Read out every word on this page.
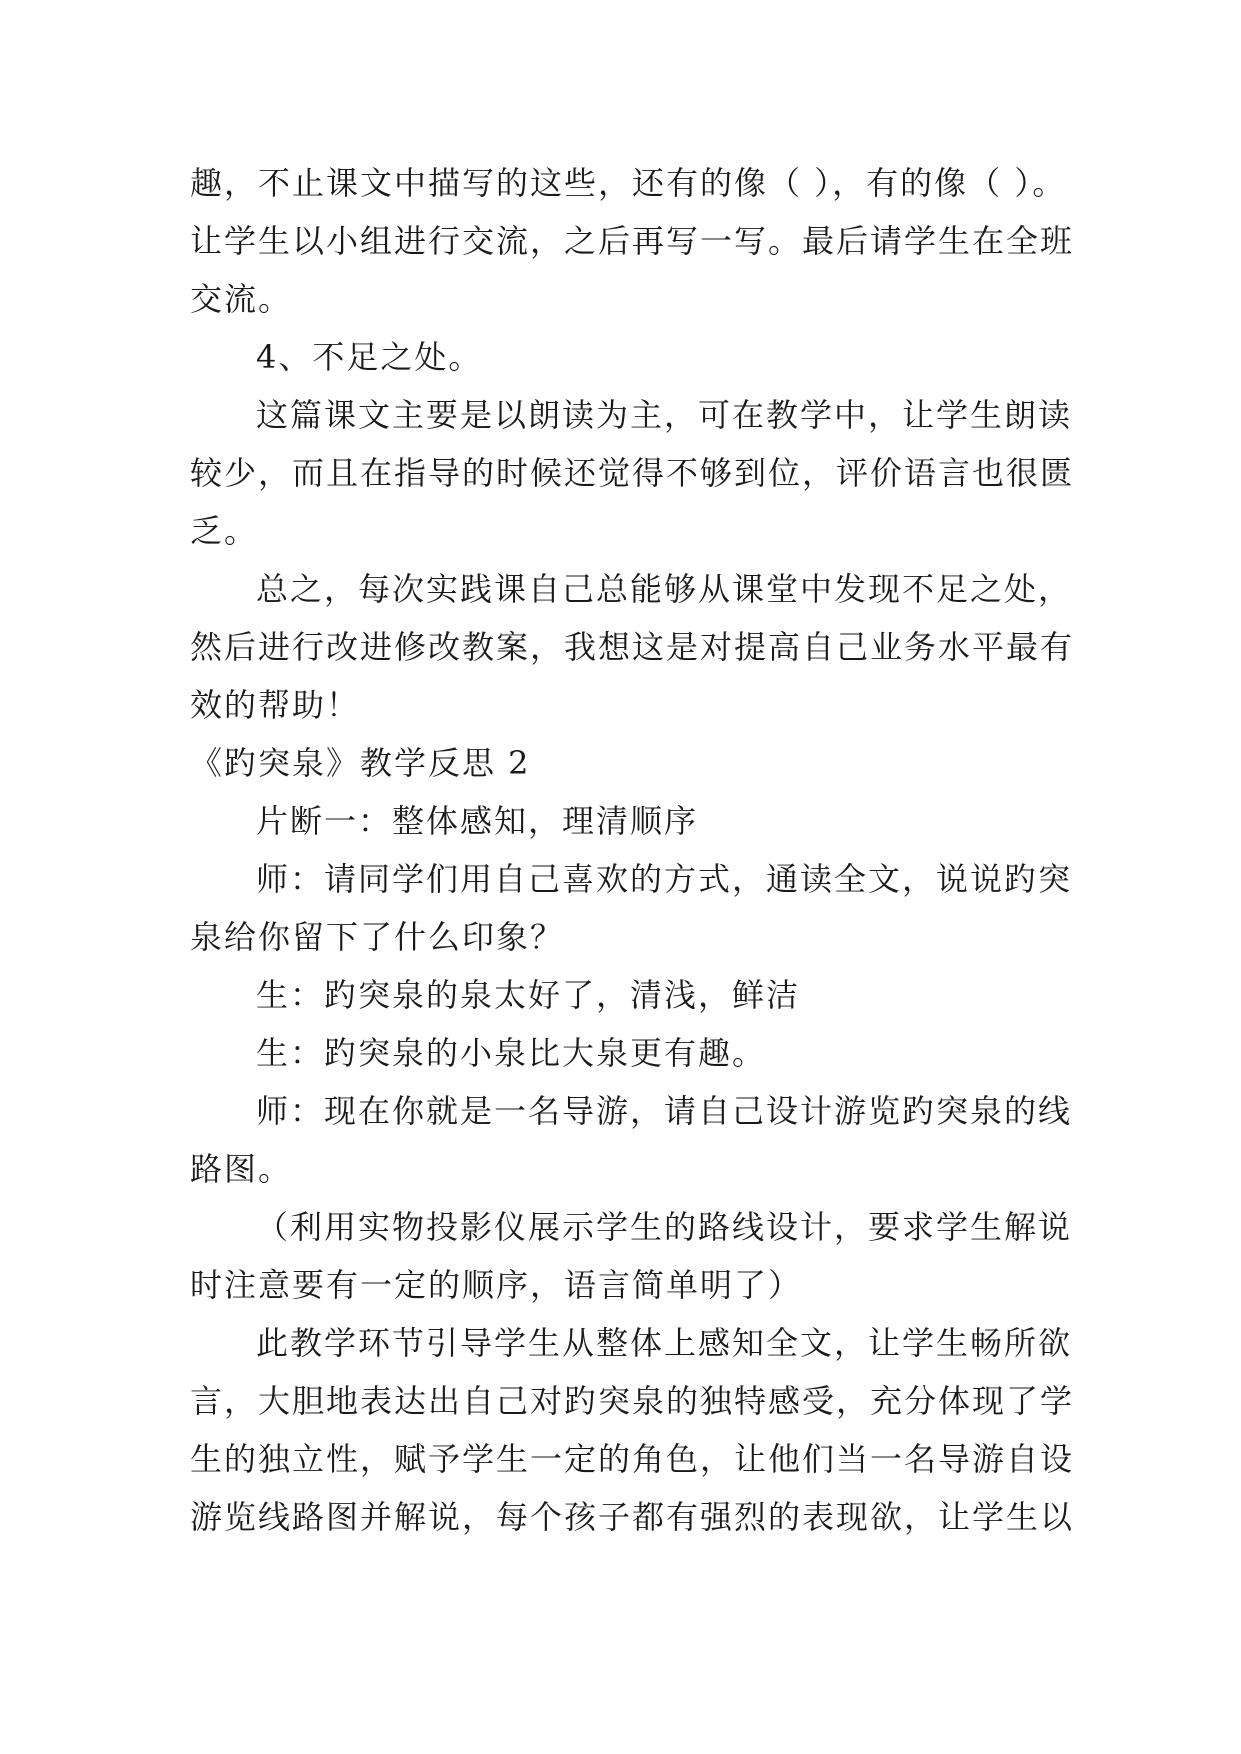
趣，不止课文中描写的这些，还有的像（ ），有的像（ ）。
让学生以小组进行交流，之后再写一写。最后请学生在全班
交流。
4、不足之处。
这篇课文主要是以朗读为主，可在教学中，让学生朗读
较少，而且在指导的时候还觉得不够到位，评价语言也很匮
乏。
总之，每次实践课自己总能够从课堂中发现不足之处，
然后进行改进修改教案，我想这是对提高自己业务水平最有
效的帮助！
《趵突泉》教学反思 2
片断一：整体感知，理清顺序
师：请同学们用自己喜欢的方式，通读全文，说说趵突
泉给你留下了什么印象？
生：趵突泉的泉太好了，清浅，鲜洁
生：趵突泉的小泉比大泉更有趣。
师：现在你就是一名导游，请自己设计游览趵突泉的线
路图。
（利用实物投影仪展示学生的路线设计，要求学生解说
时注意要有一定的顺序，语言简单明了）
此教学环节引导学生从整体上感知全文，让学生畅所欲
言，大胆地表达出自己对趵突泉的独特感受，充分体现了学
生的独立性，赋予学生一定的角色，让他们当一名导游自设
游览线路图并解说，每个孩子都有强烈的表现欲，让学生以
